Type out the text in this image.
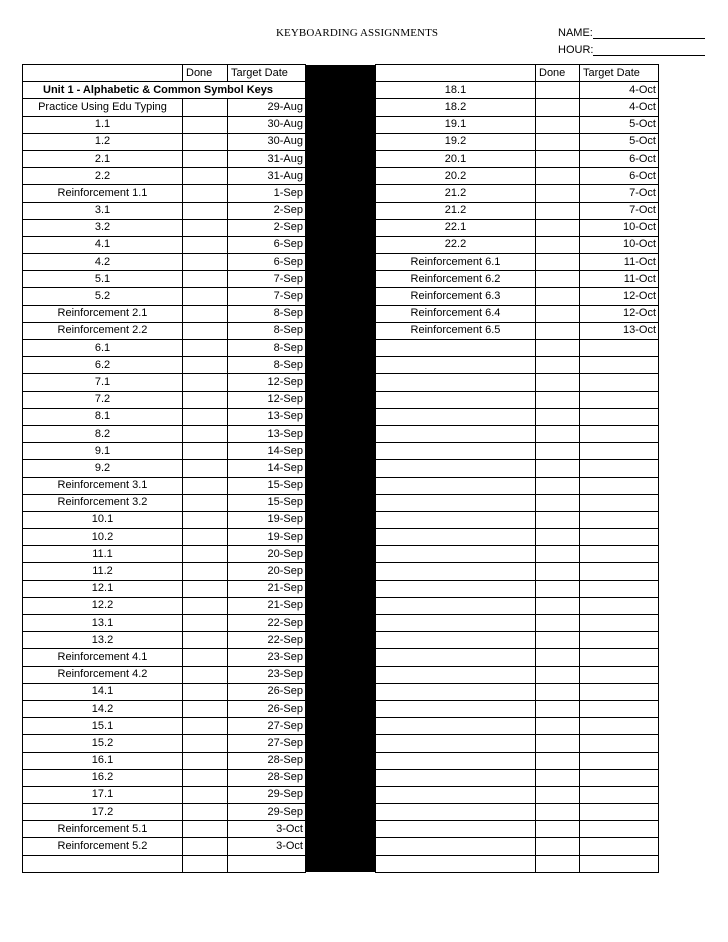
KEYBOARDING ASSIGNMENTS	NAME:
HOUR:
	Done	Target Date			Done	Target Date
Unit 1 - Alphabetic & Common Symbol Keys				18.1		4-Oct
Practice Using Edu Typing		29-Aug		18.2		4-Oct
1.1		30-Aug		19.1		5-Oct
1.2		30-Aug		19.2		5-Oct
2.1		31-Aug		20.1		6-Oct
2.2		31-Aug		20.2		6-Oct
Reinforcement 1.1		1-Sep		21.2		7-Oct
3.1		2-Sep		21.2		7-Oct
3.2		2-Sep		22.1		10-Oct
4.1		6-Sep		22.2		10-Oct
4.2		6-Sep		Reinforcement 6.1		11-Oct
5.1		7-Sep		Reinforcement 6.2		11-Oct
5.2		7-Sep		Reinforcement 6.3		12-Oct
Reinforcement 2.1		8-Sep		Reinforcement 6.4		12-Oct
Reinforcement 2.2		8-Sep		Reinforcement 6.5		13-Oct
6.1		8-Sep				
6.2		8-Sep				
7.1		12-Sep				
7.2		12-Sep				
8.1		13-Sep				
8.2		13-Sep				
9.1		14-Sep				
9.2		14-Sep				
Reinforcement 3.1		15-Sep				
Reinforcement 3.2		15-Sep				
10.1		19-Sep				
10.2		19-Sep				
11.1		20-Sep				
11.2		20-Sep				
12.1		21-Sep				
12.2		21-Sep				
13.1		22-Sep				
13.2		22-Sep				
Reinforcement 4.1		23-Sep				
Reinforcement 4.2		23-Sep				
14.1		26-Sep				
14.2		26-Sep				
15.1		27-Sep				
15.2		27-Sep				
16.1		28-Sep				
16.2		28-Sep				
17.1		29-Sep				
17.2		29-Sep				
Reinforcement 5.1		3-Oct				
Reinforcement 5.2		3-Oct				
